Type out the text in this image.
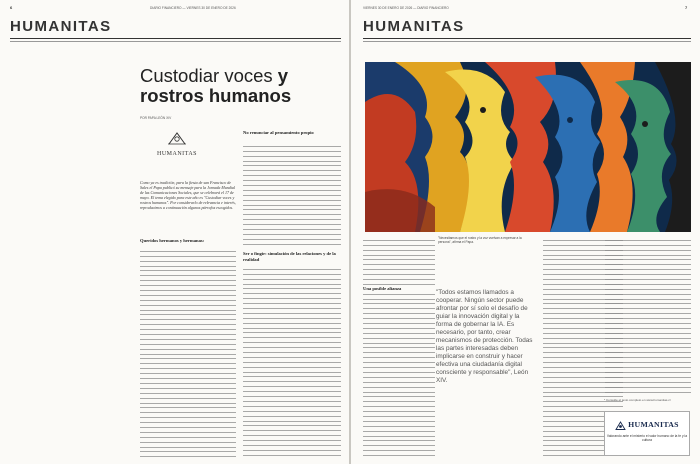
6	DIARIO FINANCIERO — VIERNES 30 DE ENERO DE 2026
HUMANITAS
Custodiar voces y rostros humanos
POR PAPA LEÓN XIV
HUMANITAS
Como ya es tradición, para la fiesta de san Francisco de Sales el Papa publicó su mensaje para la Jornada Mundial de las Comunicaciones Sociales, que se celebrará el 17 de mayo. El tema elegido para este año es "Custodiar voces y rostros humanos". Por considerarlo de relevancia e interés, reproducimos a continuación algunos párrafos escogidos.
Queridos hermanos y hermanas:
No renunciar al pensamiento propio
Ser o fingir: simulación de las relaciones y de la realidad
VIERNES 30 DE ENERO DE 2026 — DIARIO FINANCIERO	7
HUMANITAS
Una posible alianza
"Necesitamos que el rostro y la voz vuelvan a expresar a la persona", afirma el Papa.
"Todos estamos llamados a cooperar. Ningún sector puede afrontar por sí solo el desafío de guiar la innovación digital y la forma de gobernar la IA. Es necesario, por tanto, crear mecanismos de protección. Todas las partes interesadas deben implicarse en construir y hacer efectiva una ciudadanía digital consciente y responsable", León XIV.
* Consulte el texto completo en www.humanitas.cl
HUMANITAS
Valorando ante el misterio el valor humano de la fe y la cultura
